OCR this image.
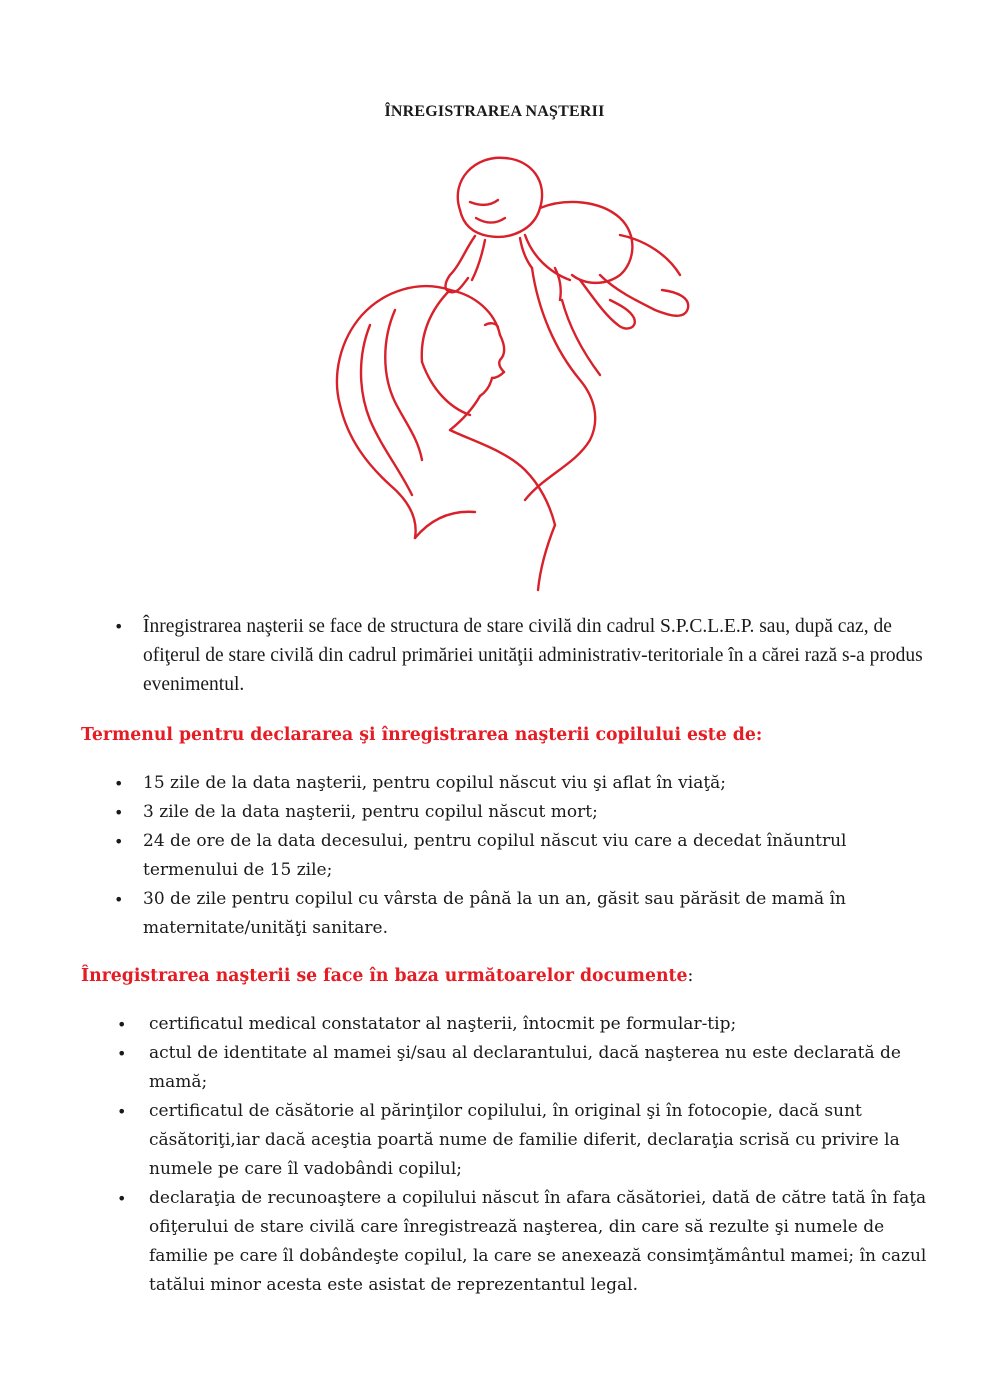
ÎNREGISTRAREA NAŞTERII
• Înregistrarea naşterii se face de structura de stare civilă din cadrul S.P.C.L.E.P. sau, după caz, de ofiţerul de stare civilă din cadrul primăriei unităţii administrativ-teritoriale în a cărei rază s-a produs evenimentul.
Termenul pentru declararea şi înregistrarea naşterii copilului este de:
• 15 zile de la data naşterii, pentru copilul născut viu şi aflat în viaţă;
• 3 zile de la data naşterii, pentru copilul născut mort;
• 24 de ore de la data decesului, pentru copilul născut viu care a decedat înăuntrul termenului de 15 zile;
• 30 de zile pentru copilul cu vârsta de până la un an, găsit sau părăsit de mamă în maternitate/unităţi sanitare.
Înregistrarea naşterii se face în baza următoarelor documente:
• certificatul medical constatator al naşterii, întocmit pe formular-tip;
• actul de identitate al mamei şi/sau al declarantului, dacă naşterea nu este declarată de mamă;
• certificatul de căsătorie al părinţilor copilului, în original şi în fotocopie, dacă sunt căsătoriţi,iar dacă aceştia poartă nume de familie diferit, declaraţia scrisă cu privire la numele pe care îl vadobândi copilul;
• declaraţia de recunoaştere a copilului născut în afara căsătoriei, dată de către tată în faţa ofiţerului de stare civilă care înregistrează naşterea, din care să rezulte şi numele de familie pe care îl dobândeşte copilul, la care se anexează consimţământul mamei; în cazul tatălui minor acesta este asistat de reprezentantul legal.
